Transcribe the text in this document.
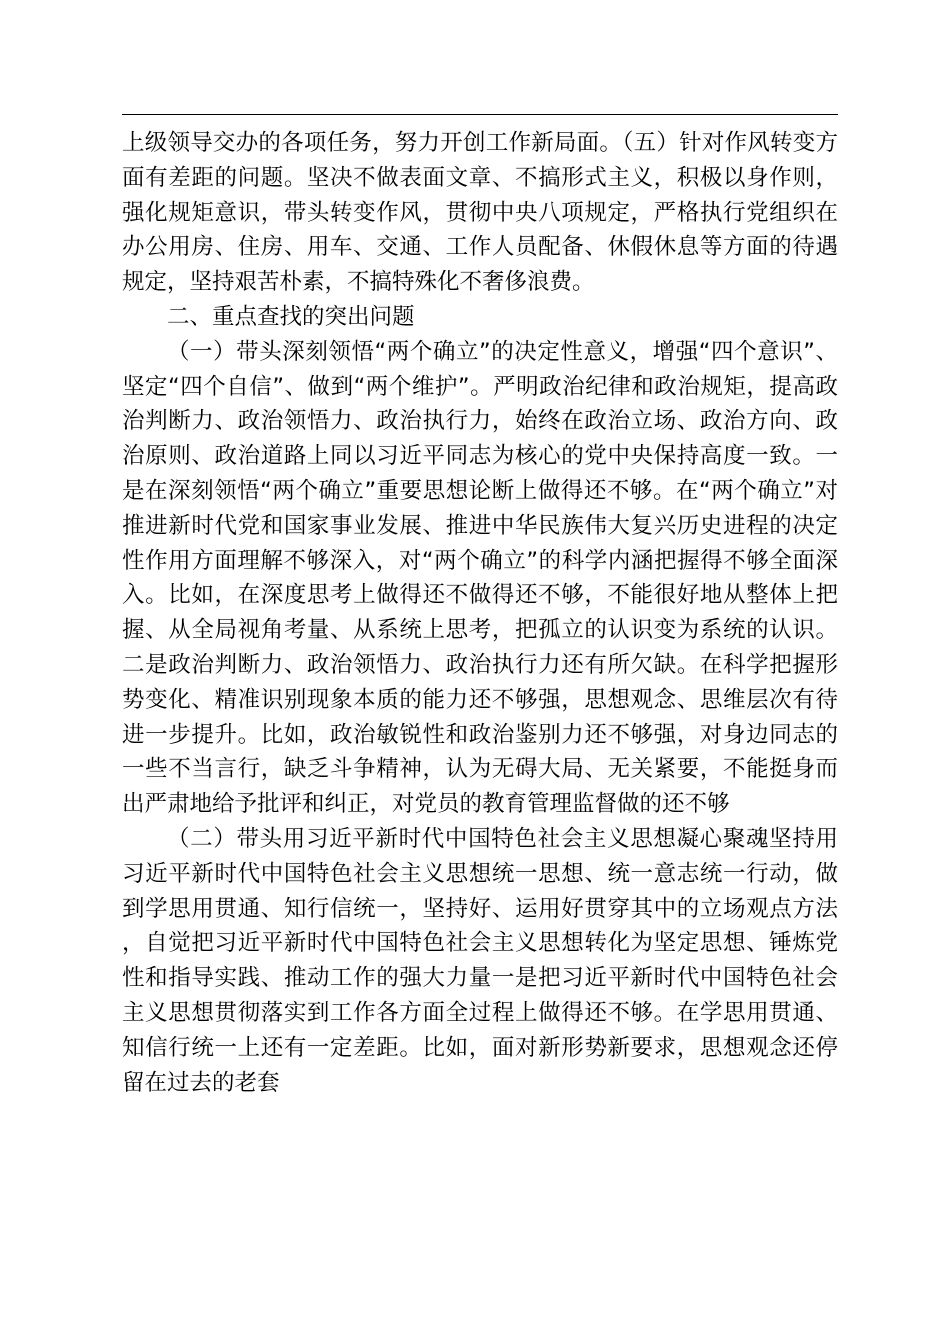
上级领导交办的各项任务，努力开创工作新局面。（五）针对作风转变方面有差距的问题。坚决不做表面文章、不搞形式主义，积极以身作则，强化规矩意识，带头转变作风，贯彻中央八项规定，严格执行党组织在办公用房、住房、用车、交通、工作人员配备、休假休息等方面的待遇规定，坚持艰苦朴素，不搞特殊化不奢侈浪费。

二、重点查找的突出问题

（一）带头深刻领悟“两个确立”的决定性意义，增强“四个意识”、坚定“四个自信”、做到“两个维护”。严明政治纪律和政治规矩，提高政治判断力、政治领悟力、政治执行力，始终在政治立场、政治方向、政治原则、政治道路上同以习近平同志为核心的党中央保持高度一致。一是在深刻领悟“两个确立”重要思想论断上做得还不够。在“两个确立”对推进新时代党和国家事业发展、推进中华民族伟大复兴历史进程的决定性作用方面理解不够深入，对“两个确立”的科学内涵把握得不够全面深入。比如，在深度思考上做得还不做得还不够，不能很好地从整体上把握、从全局视角考量、从系统上思考，把孤立的认识变为系统的认识。二是政治判断力、政治领悟力、政治执行力还有所欠缺。在科学把握形势变化、精准识别现象本质的能力还不够强，思想观念、思维层次有待进一步提升。比如，政治敏锐性和政治鉴别力还不够强，对身边同志的一些不当言行，缺乏斗争精神，认为无碍大局、无关紧要，不能挺身而出严肃地给予批评和纠正，对党员的教育管理监督做的还不够

（二）带头用习近平新时代中国特色社会主义思想凝心聚魂坚持用习近平新时代中国特色社会主义思想统一思想、统一意志统一行动，做到学思用贯通、知行信统一，坚持好、运用好贯穿其中的立场观点方法，自觉把习近平新时代中国特色社会主义思想转化为坚定思想、锤炼党性和指导实践、推动工作的强大力量一是把习近平新时代中国特色社会主义思想贯彻落实到工作各方面全过程上做得还不够。在学思用贯通、知信行统一上还有一定差距。比如，面对新形势新要求，思想观念还停留在过去的老套
